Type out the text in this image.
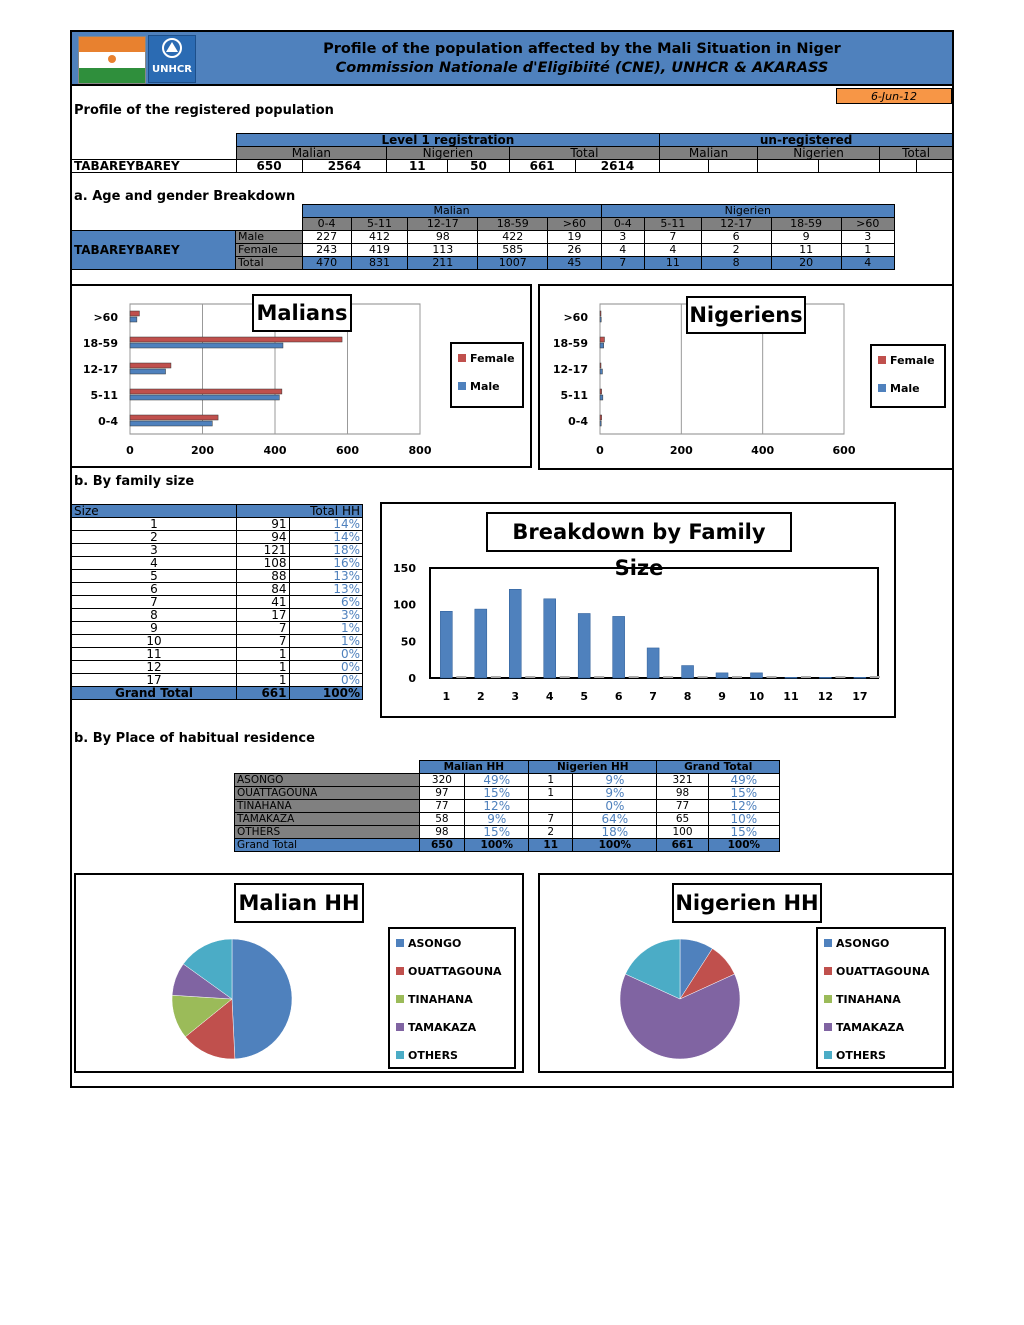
UNHCR
Profile of the population affected by the Mali Situation in Niger
Commission Nationale d'Eligibiité (CNE), UNHCR & AKARASS
6-Jun-12
Profile of the registered population
	Level 1 registration						un-registered					
	Malian		Nigerien		Total		Malian		Nigerien		Total	
TABAREYBAREY	650	2564	11	50	661	2614						
a. Age and gender Breakdown
		Malian					Nigerien				
		0-4	5-11	12-17	18-59	>60	0-4	5-11	12-17	18-59	>60
TABAREYBAREY	Male	227	412	98	422	19	3	7	6	9	3
	Female	243	419	113	585	26	4	4	2	11	1
	Total	470	831	211	1007	45	7	11	8	20	4
0	200	400	600	800
0-4
5-11
12-17
18-59
>60	Malians
Female
Male
0	200	400	600
0-4
5-11
12-17
18-59
>60	Nigeriens
Female
Male
b. By family size
Size	Total HH	
1	91	14%
2	94	14%
3	121	18%
4	108	16%
5	88	13%
6	84	13%
7	41	6%
8	17	3%
9	7	1%
10	7	1%
11	1	0%
12	1	0%
17	1	0%
Grand Total	661	100%
0
50
100
150
1 2 3 4 5 6 7 8 9 10 11 12 17
Breakdown by Family Size
b. By Place of habitual residence
	Malian HH		Nigerien HH		Grand Total	
ASONGO	320	49%	1	9%	321	49%
OUATTAGOUNA	97	15%	1	9%	98	15%
TINAHANA	77	12%		0%	77	12%
TAMAKAZA	58	9%	7	64%	65	10%
OTHERS	98	15%	2	18%	100	15%
Grand Total	650	100%	11	100%	661	100%
Malian HH
ASONGO
OUATTAGOUNA
TINAHANA
TAMAKAZA
OTHERS
Nigerien HH
ASONGO
OUATTAGOUNA
TINAHANA
TAMAKAZA
OTHERS
